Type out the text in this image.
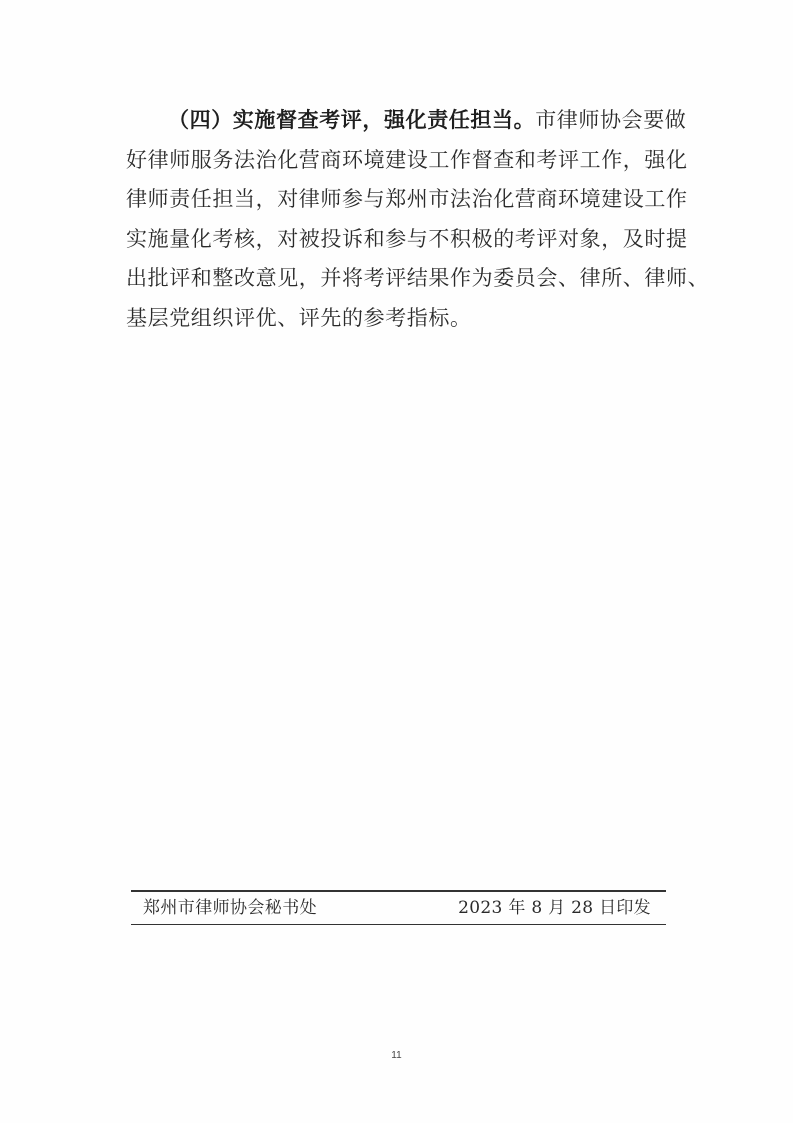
（四）实施督查考评，强化责任担当。市律师协会要做
好律师服务法治化营商环境建设工作督查和考评工作，强化
律师责任担当，对律师参与郑州市法治化营商环境建设工作
实施量化考核，对被投诉和参与不积极的考评对象，及时提
出批评和整改意见，并将考评结果作为委员会、律所、律师、
基层党组织评优、评先的参考指标。

郑州市律师协会秘书处	2023 年 8 月 28 日印发
11
